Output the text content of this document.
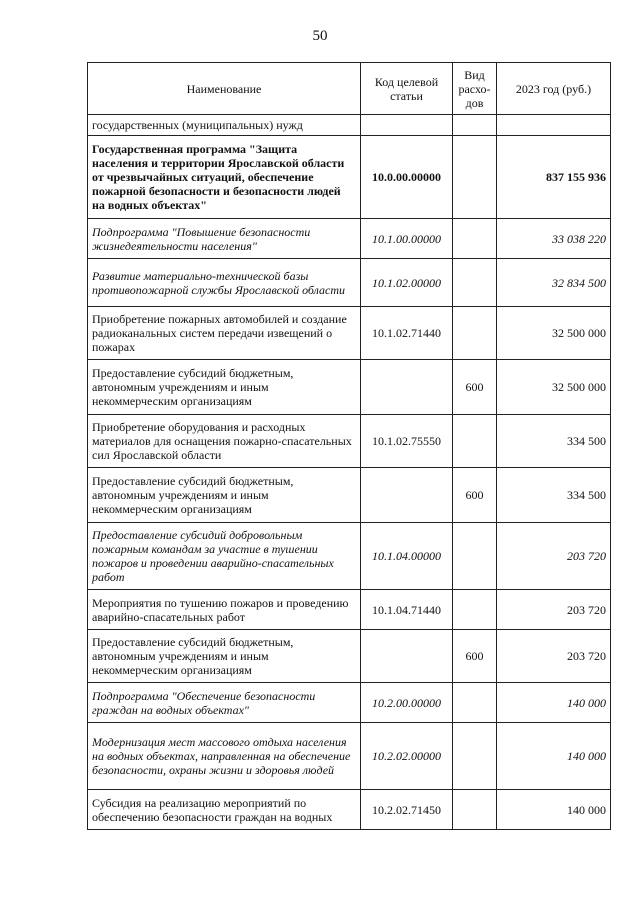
50
Наименование	Код целевой статьи	Вид расхо-дов	2023 год (руб.)
государственных (муниципальных) нужд			
Государственная программа "Защита населения и территории Ярославской области от чрезвычайных ситуаций, обеспечение пожарной безопасности и безопасности людей на водных объектах"	10.0.00.00000		837 155 936
Подпрограмма "Повышение безопасности жизнедеятельности населения"	10.1.00.00000		33 038 220
Развитие материально-технической базы противопожарной службы Ярославской области	10.1.02.00000		32 834 500
Приобретение пожарных автомобилей и создание радиоканальных систем передачи извещений о пожарах	10.1.02.71440		32 500 000
Предоставление субсидий бюджетным, автономным учреждениям и иным некоммерческим организациям		600	32 500 000
Приобретение оборудования и расходных материалов для оснащения пожарно-спасательных сил Ярославской области	10.1.02.75550		334 500
Предоставление субсидий бюджетным, автономным учреждениям и иным некоммерческим организациям		600	334 500
Предоставление субсидий добровольным пожарным командам за участие в тушении пожаров и проведении аварийно-спасательных работ	10.1.04.00000		203 720
Мероприятия по тушению пожаров и проведению аварийно-спасательных работ	10.1.04.71440		203 720
Предоставление субсидий бюджетным, автономным учреждениям и иным некоммерческим организациям		600	203 720
Подпрограмма "Обеспечение безопасности граждан на водных объектах"	10.2.00.00000		140 000
Модернизация мест массового отдыха населения на водных объектах, направленная на обеспечение безопасности, охраны жизни и здоровья людей	10.2.02.00000		140 000
Субсидия на реализацию мероприятий по обеспечению безопасности граждан на водных	10.2.02.71450		140 000
